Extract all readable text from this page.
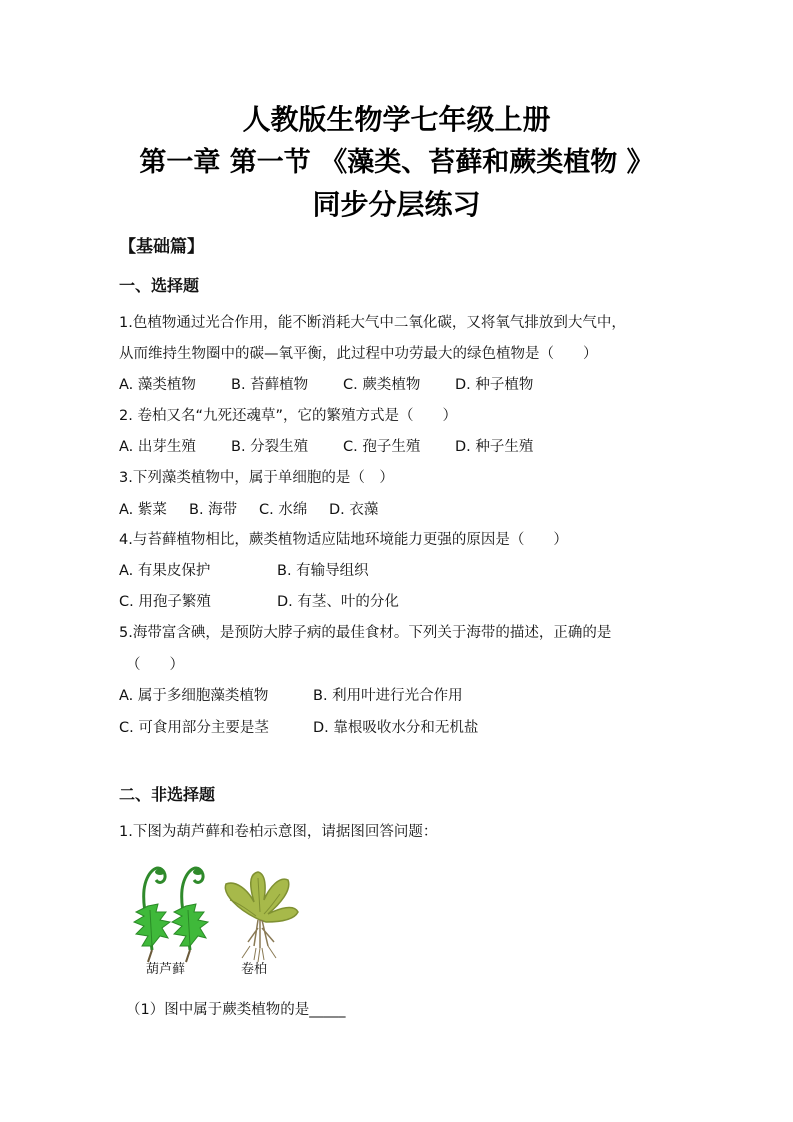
人教版生物学七年级上册
第一章 第一节 《藻类、苔藓和蕨类植物 》
同步分层练习
【基础篇】
一、选择题
1.色植物通过光合作用，能不断消耗大气中二氧化碳，又将氧气排放到大气中，
从而维持生物圈中的碳—氧平衡，此过程中功劳最大的绿色植物是（　　）
A. 藻类植物 B. 苔藓植物 C. 蕨类植物 D. 种子植物
2. 卷柏又名“九死还魂草”，它的繁殖方式是（　　）
A. 出芽生殖 B. 分裂生殖 C. 孢子生殖 D. 种子生殖
3.下列藻类植物中，属于单细胞的是（　）
A. 紫菜 B. 海带 C. 水绵 D. 衣藻
4.与苔藓植物相比，蕨类植物适应陆地环境能力更强的原因是（　　）
A. 有果皮保护	B. 有输导组织
C. 用孢子繁殖	D. 有茎、叶的分化
5.海带富含碘，是预防大脖子病的最佳食材。下列关于海带的描述，正确的是
（　　）
A. 属于多细胞藻类植物	B. 利用叶进行光合作用
C. 可食用部分主要是茎	D. 靠根吸收水分和无机盐
二、非选择题
1.下图为葫芦藓和卷柏示意图，请据图回答问题：
葫芦藓	卷柏
（1）图中属于蕨类植物的是_____
